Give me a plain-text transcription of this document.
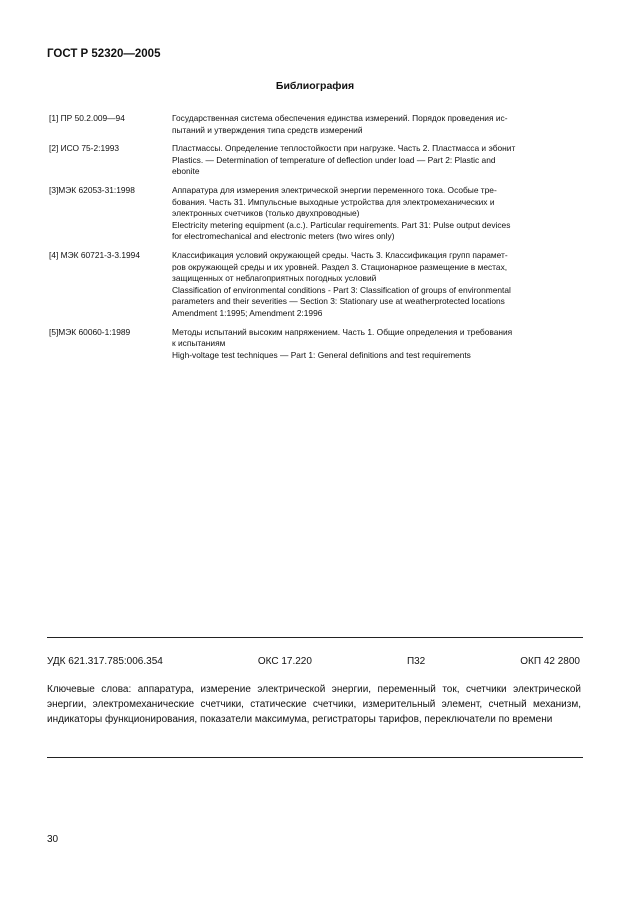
ГОСТ Р 52320—2005
Библиография
[1] ПР 50.2.009—94	Государственная система обеспечения единства измерений. Порядок проведения ис-
пытаний и утверждения типа средств измерений
[2] ИСО 75-2:1993	Пластмассы. Определение теплостойкости при нагрузке. Часть 2. Пластмасса и эбонит
Plastics. — Determination of temperature of deflection under load — Part 2: Plastic and
ebonite
[3]МЭК 62053-31:1998	Аппаратура для измерения электрической энергии переменного тока. Особые тре-
бования. Часть 31. Импульсные выходные устройства для электромеханических и
электронных счетчиков (только двухпроводные)
Electricity metering equipment (a.c.). Particular requirements. Part 31: Pulse output devices
for electromechanical and electronic meters (two wires only)
[4] МЭК 60721-3-3.1994	Классификация условий окружающей среды. Часть 3. Классификация групп парамет-
ров окружающей среды и их уровней. Раздел 3. Стационарное размещение в местах,
защищенных от неблагоприятных погодных условий
Classification of environmental conditions - Part 3: Classification of groups of environmental
parameters and their severities — Section 3: Stationary use at weatherprotected locations
Amendment 1:1995; Amendment 2:1996
[5]МЭК 60060-1:1989	Методы испытаний высоким напряжением. Часть 1. Общие определения и требования
к испытаниям
High-voltage test techniques — Part 1: General definitions and test requirements
УДК 621.317.785:006.354	ОКС 17.220	П32	ОКП 42 2800
Ключевые слова: аппаратура, измерение электрической энергии, переменный ток, счетчики электрической энергии, электромеханические счетчики, статические счетчики, измерительный элемент, счетный механизм, индикаторы функционирования, показатели максимума, регистраторы тарифов, переключатели по времени
30
